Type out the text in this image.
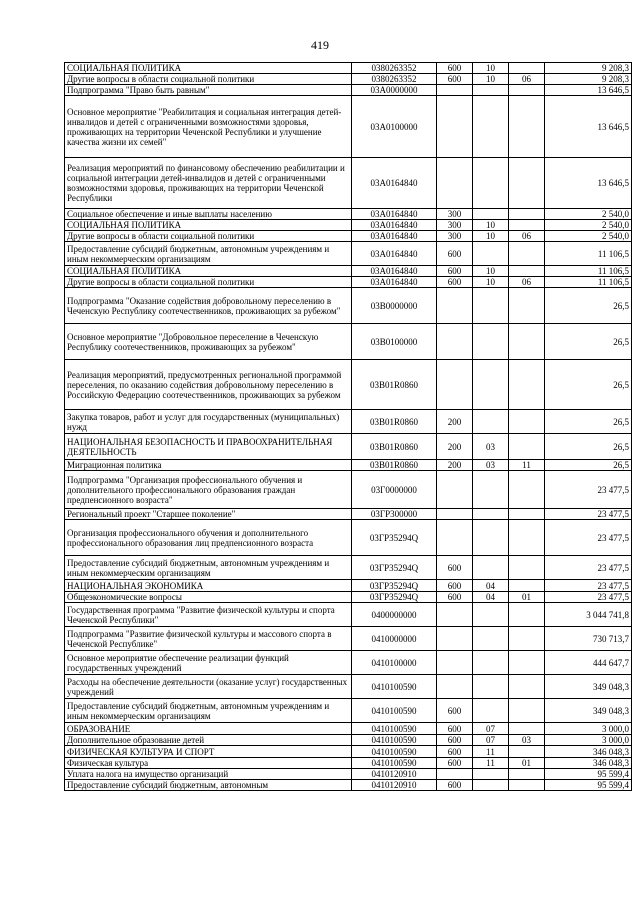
419
СОЦИАЛЬНАЯ ПОЛИТИКА	0380263352	600	10		9 208,3
Другие вопросы в области социальной политики	0380263352	600	10	06	9 208,3
Подпрограмма "Право быть равным"	03А0000000				13 646,5
Основное мероприятие "Реабилитация и социальная интеграция детей-инвалидов и детей с ограниченными возможностями здоровья, проживающих на территории Чеченской Республики и улучшение качества жизни их семей"	03А0100000				13 646,5
Реализация мероприятий по финансовому обеспечению реабилитации и социальной интеграции детей-инвалидов и детей с ограниченными возможностями здоровья, проживающих на территории Чеченской Республики	03А0164840				13 646,5
Социальное обеспечение и иные выплаты населению	03А0164840	300			2 540,0
СОЦИАЛЬНАЯ ПОЛИТИКА	03А0164840	300	10		2 540,0
Другие вопросы в области социальной политики	03А0164840	300	10	06	2 540,0
Предоставление субсидий бюджетным, автономным учреждениям и иным некоммерческим организациям	03А0164840	600			11 106,5
СОЦИАЛЬНАЯ ПОЛИТИКА	03А0164840	600	10		11 106,5
Другие вопросы в области социальной политики	03А0164840	600	10	06	11 106,5
Подпрограмма "Оказание содействия добровольному переселению в Чеченскую Республику соотечественников, проживающих за рубежом"	03В0000000				26,5
Основное мероприятие "Добровольное переселение в Чеченскую Республику соотечественников, проживающих за рубежом"	03В0100000				26,5
Реализация мероприятий, предусмотренных региональной программой переселения, по оказанию содействия добровольному переселению в Российскую Федерацию соотечественников, проживающих за рубежом	03В01R0860				26,5
Закупка товаров, работ и услуг для государственных (муниципальных) нужд	03В01R0860	200			26,5
НАЦИОНАЛЬНАЯ БЕЗОПАСНОСТЬ И ПРАВООХРАНИТЕЛЬНАЯ ДЕЯТЕЛЬНОСТЬ	03В01R0860	200	03		26,5
Миграционная политика	03В01R0860	200	03	11	26,5
Подпрограмма "Организация профессионального обучения и дополнительного профессионального образования граждан предпенсионного возраста"	03Г0000000				23 477,5
Региональный проект "Старшее поколение"	03ГР300000				23 477,5
Организация профессионального обучения и дополнительного профессионального образования лиц предпенсионного возраста	03ГР35294Q				23 477,5
Предоставление субсидий бюджетным, автономным учреждениям и иным некоммерческим организациям	03ГР35294Q	600			23 477,5
НАЦИОНАЛЬНАЯ ЭКОНОМИКА	03ГР35294Q	600	04		23 477,5
Общеэкономические вопросы	03ГР35294Q	600	04	01	23 477,5
Государственная программа "Развитие физической культуры и спорта Чеченской Республики"	0400000000				3 044 741,8
Подпрограмма "Развитие физической культуры и массового спорта в Чеченской Республике"	0410000000				730 713,7
Основное мероприятие обеспечение реализации функций государственных учреждений	0410100000				444 647,7
Расходы на обеспечение деятельности (оказание услуг) государственных учреждений	0410100590				349 048,3
Предоставление субсидий бюджетным, автономным учреждениям и иным некоммерческим организациям	0410100590	600			349 048,3
ОБРАЗОВАНИЕ	0410100590	600	07		3 000,0
Дополнительное образование детей	0410100590	600	07	03	3 000,0
ФИЗИЧЕСКАЯ КУЛЬТУРА И СПОРТ	0410100590	600	11		346 048,3
Физическая культура	0410100590	600	11	01	346 048,3
Уплата налога на имущество организаций	0410120910				95 599,4
Предоставление субсидий бюджетным, автономным	0410120910	600			95 599,4
